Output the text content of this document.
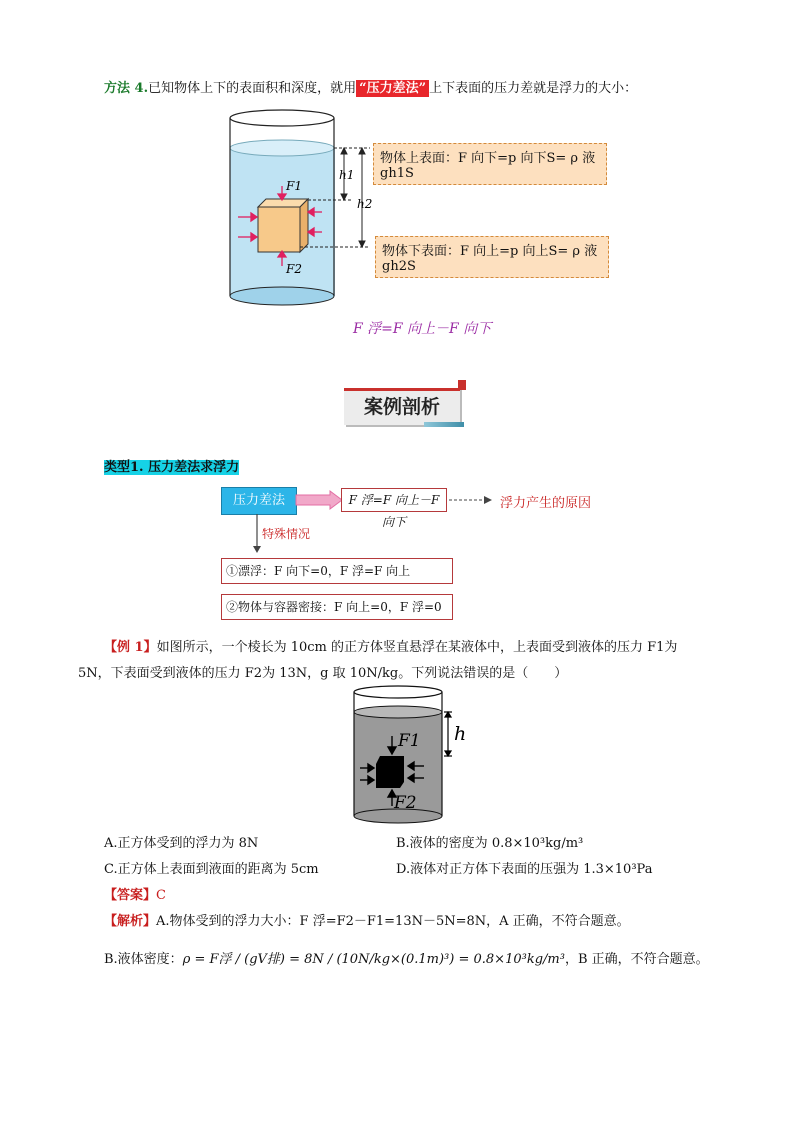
方法 4.已知物体上下的表面积和深度，就用 “压力差法” 上下表面的压力差就是浮力的大小：
h1
h2
F1
F2
物体上表面：F 向下=p 向下S= ρ 液gh1S
物体下表面：F 向上=p 向上S= ρ 液gh2S
F 浮=F 向上－F 向下
案例剖析
类型1. 压力差法求浮力
压力差法	F 浮=F 向上－F 向下
浮力产生的原因
特殊情况
①漂浮：F 向下=0，F 浮=F 向上
②物体与容器密接：F 向上=0，F 浮=0
【例 1】如图所示，一个棱长为 10cm 的正方体竖直悬浮在某液体中，上表面受到液体的压力 F1为
5N，下表面受到液体的压力 F2为 13N，g 取 10N/kg。下列说法错误的是（　　）
F1
F2
h
A.正方体受到的浮力为 8N	B.液体的密度为 0.8×10³kg/m³
C.正方体上表面到液面的距离为 5cm	D.液体对正方体下表面的压强为 1.3×10³Pa
【答案】C
【解析】A.物体受到的浮力大小：F 浮=F2－F1=13N－5N=8N，A 正确，不符合题意。
B.液体密度：ρ = F浮 / (gV排) = 8N / (10N/kg×(0.1m)³) = 0.8×10³kg/m³，B 正确，不符合题意。
